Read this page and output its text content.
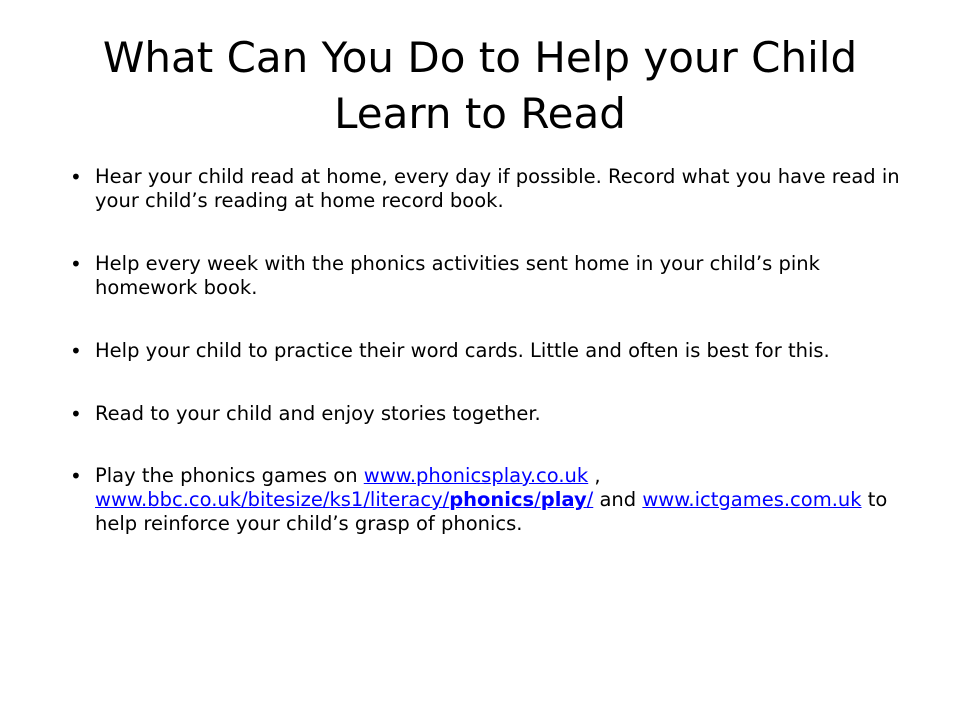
What Can You Do to Help your Child
Learn to Read
• Hear your child read at home, every day if possible. Record what you have read in your child’s reading at home record book.
• Help every week with the phonics activities sent home in your child’s pink homework book.
• Help your child to practice their word cards. Little and often is best for this.
• Read to your child and enjoy stories together.
• Play the phonics games on www.phonicsplay.co.uk , www.bbc.co.uk/bitesize/ks1/literacy/phonics/play/ and www.ictgames.com.uk to help reinforce your child’s grasp of phonics.
